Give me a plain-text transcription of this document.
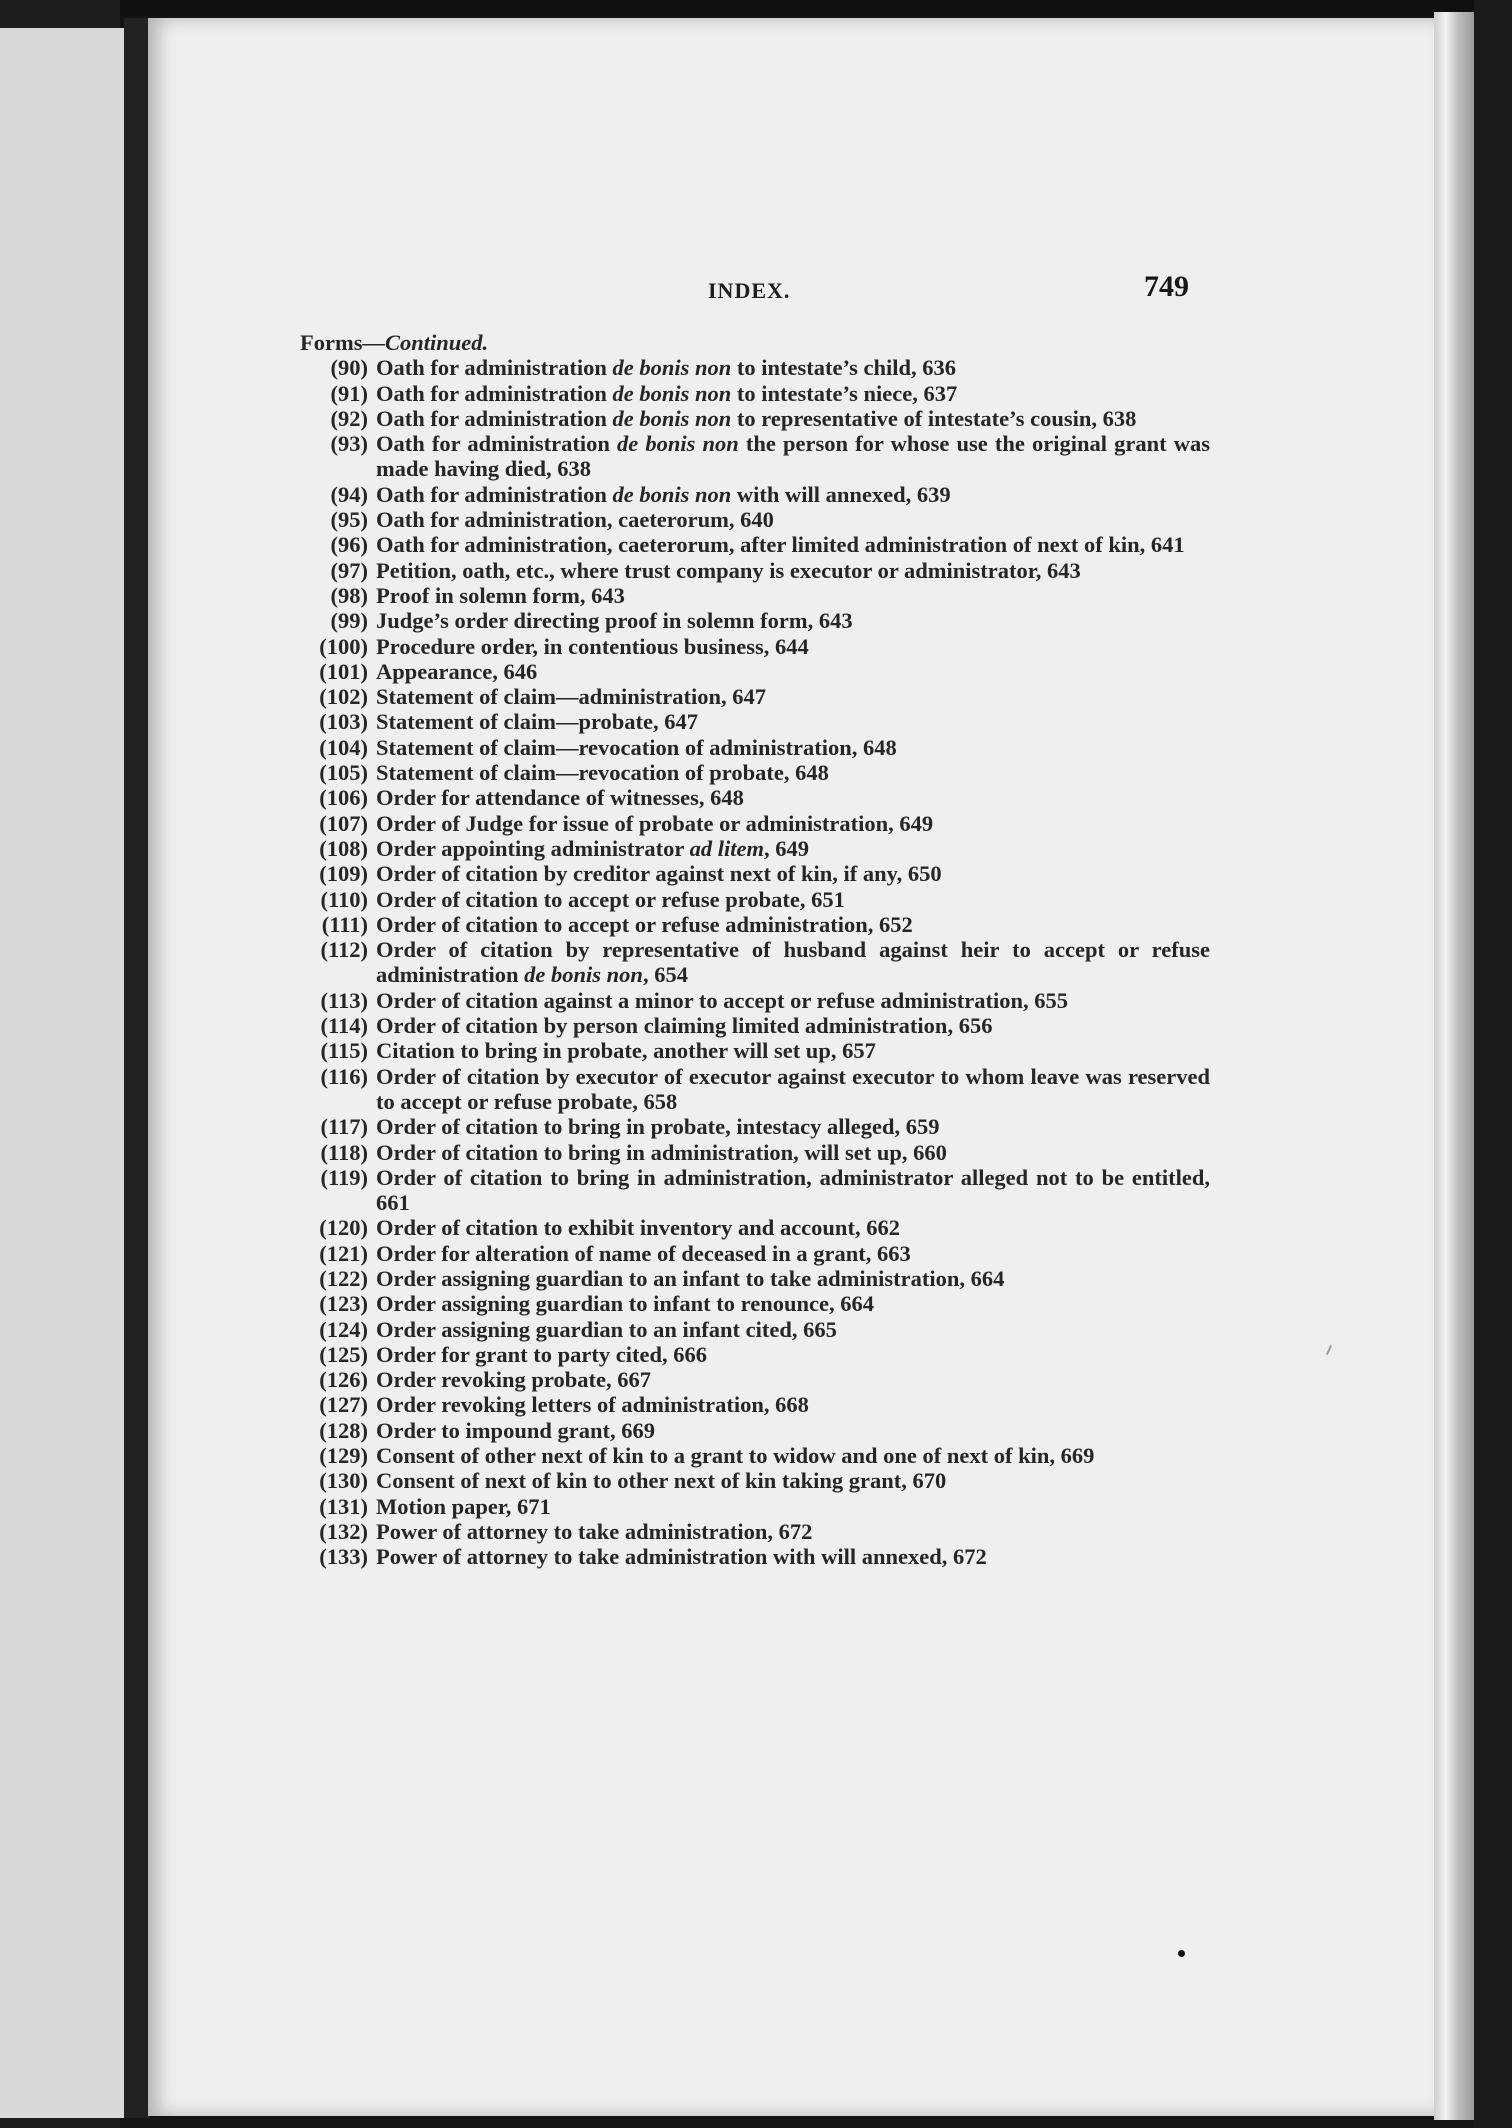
INDEX.	749
Forms—Continued.
(90) Oath for administration de bonis non to intestate’s child, 636
(91) Oath for administration de bonis non to intestate’s niece, 637
(92) Oath for administration de bonis non to representative of intestate’s cousin, 638
(93) Oath for administration de bonis non the person for whose use the original grant was made having died, 638
(94) Oath for administration de bonis non with will annexed, 639
(95) Oath for administration, caeterorum, 640
(96) Oath for administration, caeterorum, after limited administration of next of kin, 641
(97) Petition, oath, etc., where trust company is executor or administrator, 643
(98) Proof in solemn form, 643
(99) Judge’s order directing proof in solemn form, 643
(100) Procedure order, in contentious business, 644
(101) Appearance, 646
(102) Statement of claim—administration, 647
(103) Statement of claim—probate, 647
(104) Statement of claim—revocation of administration, 648
(105) Statement of claim—revocation of probate, 648
(106) Order for attendance of witnesses, 648
(107) Order of Judge for issue of probate or administration, 649
(108) Order appointing administrator ad litem, 649
(109) Order of citation by creditor against next of kin, if any, 650
(110) Order of citation to accept or refuse probate, 651
(111) Order of citation to accept or refuse administration, 652
(112) Order of citation by representative of husband against heir to accept or refuse administration de bonis non, 654
(113) Order of citation against a minor to accept or refuse administration, 655
(114) Order of citation by person claiming limited administration, 656
(115) Citation to bring in probate, another will set up, 657
(116) Order of citation by executor of executor against executor to whom leave was reserved to accept or refuse probate, 658
(117) Order of citation to bring in probate, intestacy alleged, 659
(118) Order of citation to bring in administration, will set up, 660
(119) Order of citation to bring in administration, administrator alleged not to be entitled, 661
(120) Order of citation to exhibit inventory and account, 662
(121) Order for alteration of name of deceased in a grant, 663
(122) Order assigning guardian to an infant to take administration, 664
(123) Order assigning guardian to infant to renounce, 664
(124) Order assigning guardian to an infant cited, 665
(125) Order for grant to party cited, 666
(126) Order revoking probate, 667
(127) Order revoking letters of administration, 668
(128) Order to impound grant, 669
(129) Consent of other next of kin to a grant to widow and one of next of kin, 669
(130) Consent of next of kin to other next of kin taking grant, 670
(131) Motion paper, 671
(132) Power of attorney to take administration, 672
(133) Power of attorney to take administration with will annexed, 672
